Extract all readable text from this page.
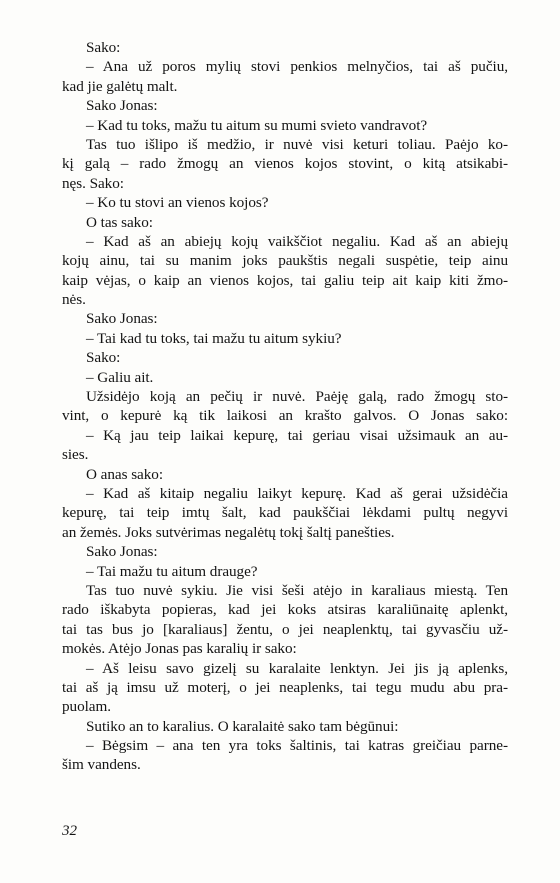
Sako:
– Ana už poros mylių stovi penkios melnyčios, tai aš pučiu,
kad jie galėtų malt.
Sako Jonas:
– Kad tu toks, mažu tu aitum su mumi svieto vandravot?
Tas tuo išlipo iš medžio, ir nuvė visi keturi toliau. Paėjo ko-
kį galą – rado žmogų an vienos kojos stovint, o kitą atsikabi-
nęs. Sako:
– Ko tu stovi an vienos kojos?
O tas sako:
– Kad aš an abiejų kojų vaikščiot negaliu. Kad aš an abiejų
kojų ainu, tai su manim joks paukštis negali suspėtie, teip ainu
kaip vėjas, o kaip an vienos kojos, tai galiu teip ait kaip kiti žmo-
nės.
Sako Jonas:
– Tai kad tu toks, tai mažu tu aitum sykiu?
Sako:
– Galiu ait.
Užsidėjo koją an pečių ir nuvė. Paėję galą, rado žmogų sto-
vint, o kepurė ką tik laikosi an krašto galvos. O Jonas sako:
– Ką jau teip laikai kepurę, tai geriau visai užsimauk an au-
sies.
O anas sako:
– Kad aš kitaip negaliu laikyt kepurę. Kad aš gerai užsidėčia
kepurę, tai teip imtų šalt, kad paukščiai lėkdami pultų negyvi
an žemės. Joks sutvėrimas negalėtų tokį šaltį panešties.
Sako Jonas:
– Tai mažu tu aitum drauge?
Tas tuo nuvė sykiu. Jie visi šeši atėjo in karaliaus miestą. Ten
rado iškabyta popieras, kad jei koks atsiras karaliūnaitę aplenkt,
tai tas bus jo [karaliaus] žentu, o jei neaplenktų, tai gyvasčiu už-
mokės. Atėjo Jonas pas karalių ir sako:
– Aš leisu savo gizelį su karalaite lenktyn. Jei jis ją aplenks,
tai aš ją imsu už moterį, o jei neaplenks, tai tegu mudu abu pra-
puolam.
Sutiko an to karalius. O karalaitė sako tam bėgūnui:
– Bėgsim – ana ten yra toks šaltinis, tai katras greičiau parne-
šim vandens.
32
